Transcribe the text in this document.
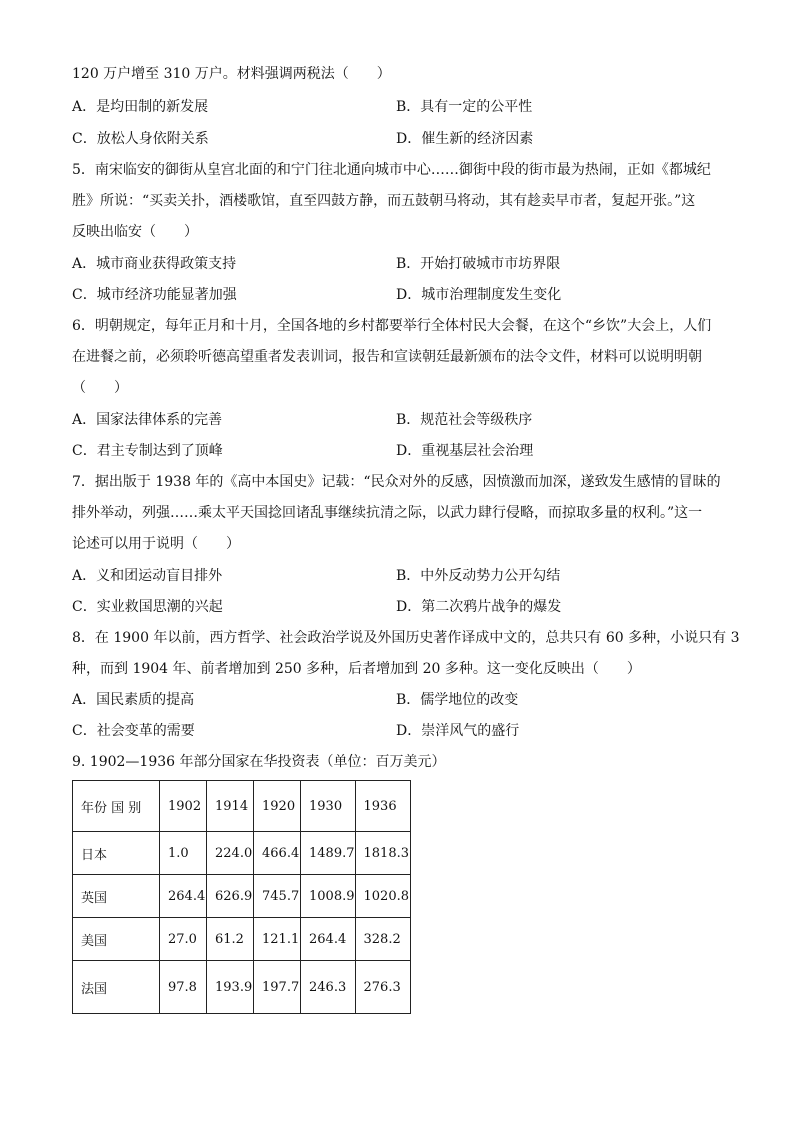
120 万户增至 310 万户。材料强调两税法（　　）
A．是均田制的新发展	B．具有一定的公平性
C．放松人身依附关系	D．催生新的经济因素
5．南宋临安的御街从皇宫北面的和宁门往北通向城市中心……御街中段的街市最为热闹，正如《都城纪
胜》所说：“买卖关扑，酒楼歌馆，直至四鼓方静，而五鼓朝马将动，其有趁卖早市者，复起开张。”这
反映出临安（　　）
A．城市商业获得政策支持	B．开始打破城市市坊界限
C．城市经济功能显著加强	D．城市治理制度发生变化
6．明朝规定，每年正月和十月，全国各地的乡村都要举行全体村民大会餐，在这个“乡饮”大会上，人们
在进餐之前，必须聆听德高望重者发表训词，报告和宣读朝廷最新颁布的法令文件，材料可以说明明朝
（　　）
A．国家法律体系的完善	B．规范社会等级秩序
C．君主专制达到了顶峰	D．重视基层社会治理
7．据出版于 1938 年的《高中本国史》记载：“民众对外的反感，因愤激而加深，遂致发生感情的冒昧的
排外举动，列强……乘太平天国捻回诸乱事继续抗清之际，以武力肆行侵略，而掠取多量的权利。”这一
论述可以用于说明（　　）
A．义和团运动盲目排外	B．中外反动势力公开勾结
C．实业救国思潮的兴起	D．第二次鸦片战争的爆发
8．在 1900 年以前，西方哲学、社会政治学说及外国历史著作译成中文的，总共只有 60 多种，小说只有 3
种，而到 1904 年、前者增加到 250 多种，后者增加到 20 多种。这一变化反映出（　　）
A．国民素质的提高	B．儒学地位的改变
C．社会变革的需要	D．崇洋风气的盛行
9. 1902—1936 年部分国家在华投资表（单位：百万美元）
年份 国 别	1902	1914	1920	1930	1936
日本	1.0	224.0	466.4	1489.7	1818.3
英国	264.4	626.9	745.7	1008.9	1020.8
美国	27.0	61.2	121.1	264.4	328.2
法国	97.8	193.9	197.7	246.3	276.3
